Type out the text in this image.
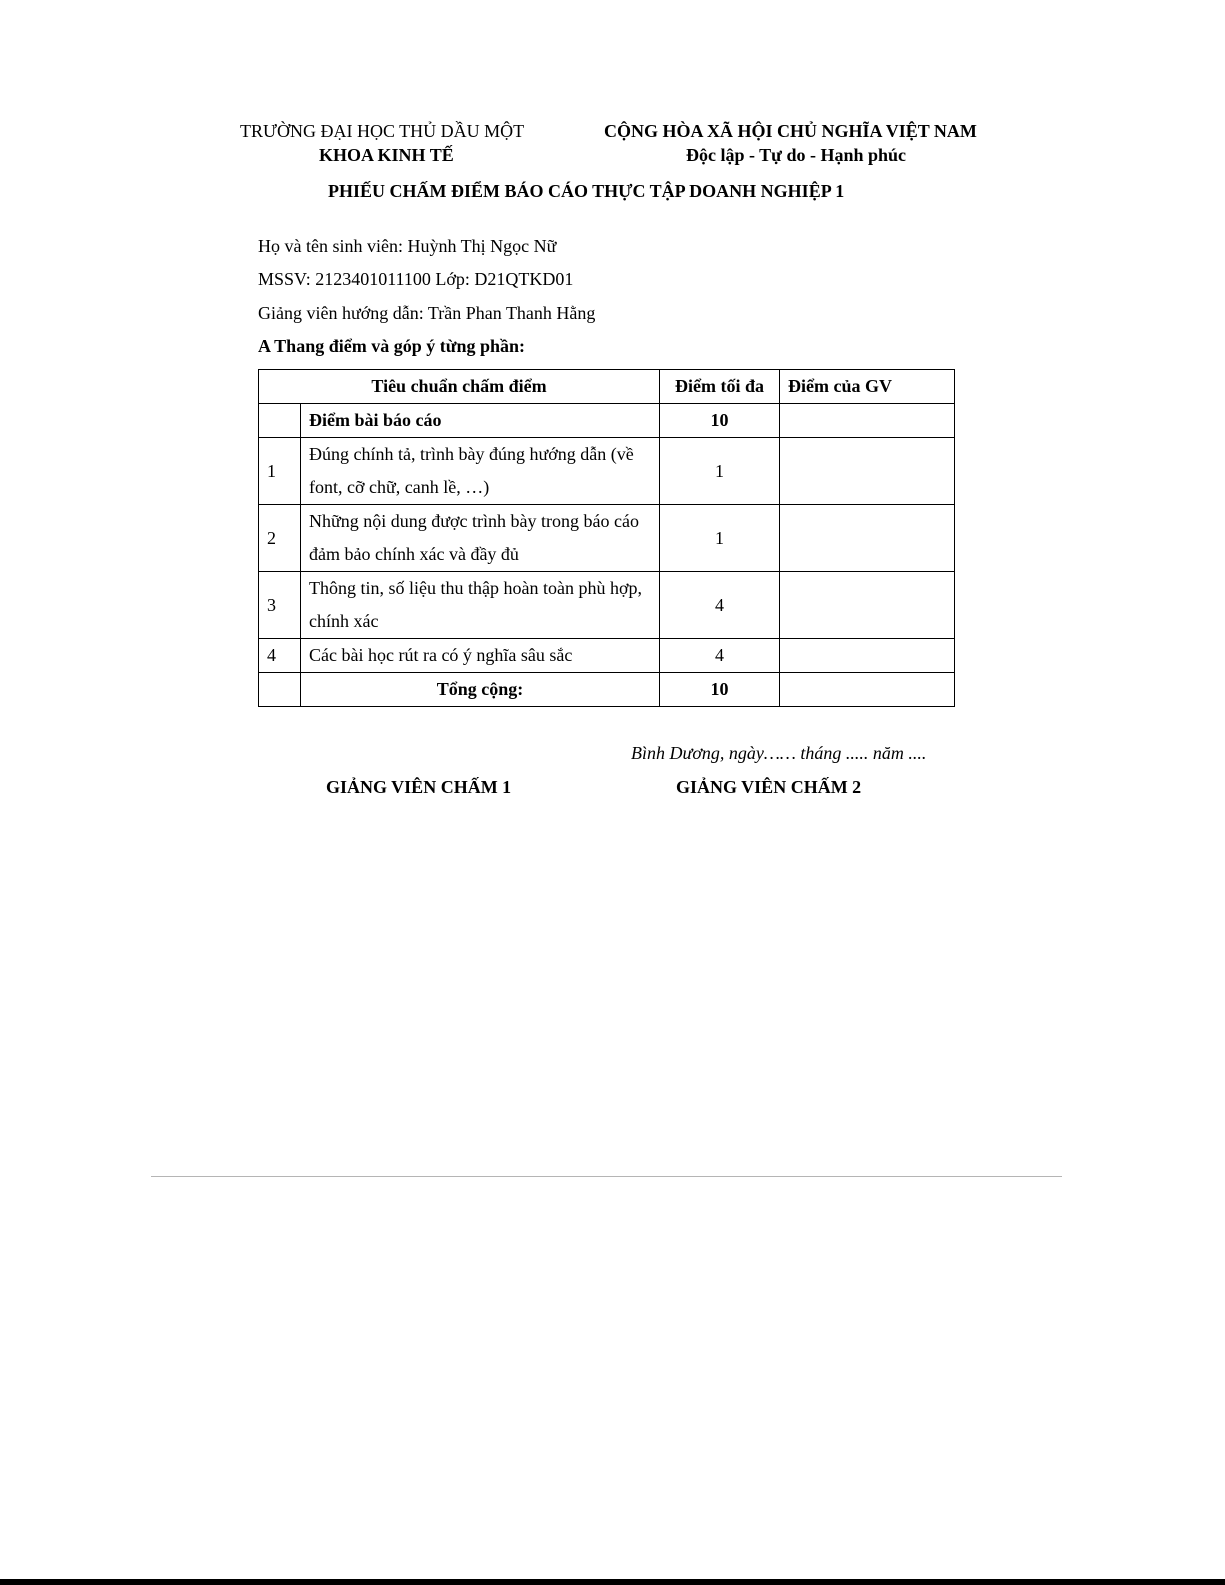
TRƯỜNG ĐẠI HỌC THỦ DẦU MỘT
KHOA KINH TẾ
CỘNG HÒA XÃ HỘI CHỦ NGHĨA VIỆT NAM
Độc lập - Tự do - Hạnh phúc
PHIẾU CHẤM ĐIỂM BÁO CÁO THỰC TẬP DOANH NGHIỆP 1
Họ và tên sinh viên: Huỳnh Thị Ngọc Nữ
MSSV: 2123401011100 Lớp: D21QTKD01
Giảng viên hướng dẫn: Trần Phan Thanh Hằng
A Thang điểm và góp ý từng phần:
Tiêu chuẩn chấm điểm		Điểm tối đa	Điểm của GV
	Điểm bài báo cáo	10	
1	Đúng chính tả, trình bày đúng hướng dẫn (về font, cỡ chữ, canh lề, …)	1	
2	Những nội dung được trình bày trong báo cáo đảm bảo chính xác và đầy đủ	1	
3	Thông tin, số liệu thu thập hoàn toàn phù hợp, chính xác	4	
4	Các bài học rút ra có ý nghĩa sâu sắc	4	
	Tổng cộng:	10	
Bình Dương, ngày…… tháng ..... năm ....
GIẢNG VIÊN CHẤM 1	GIẢNG VIÊN CHẤM 2
